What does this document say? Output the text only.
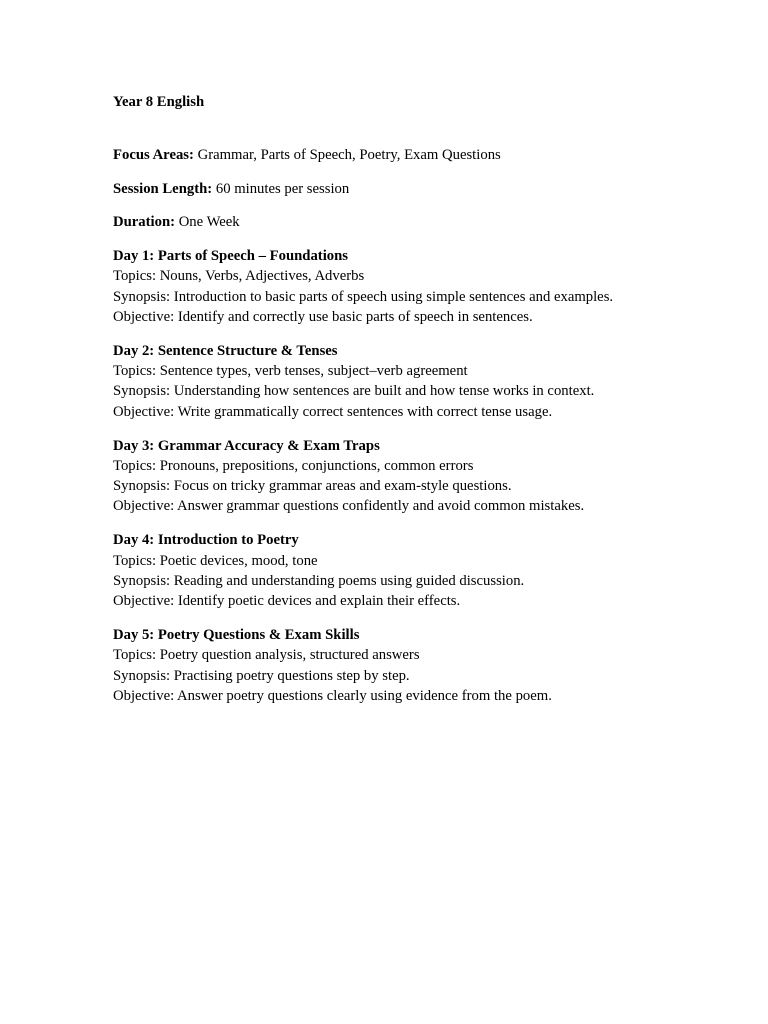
Year 8 English
Focus Areas: Grammar, Parts of Speech, Poetry, Exam Questions
Session Length: 60 minutes per session
Duration: One Week
Day 1: Parts of Speech – Foundations
Topics: Nouns, Verbs, Adjectives, Adverbs
Synopsis: Introduction to basic parts of speech using simple sentences and examples.
Objective: Identify and correctly use basic parts of speech in sentences.
Day 2: Sentence Structure & Tenses
Topics: Sentence types, verb tenses, subject–verb agreement
Synopsis: Understanding how sentences are built and how tense works in context.
Objective: Write grammatically correct sentences with correct tense usage.
Day 3: Grammar Accuracy & Exam Traps
Topics: Pronouns, prepositions, conjunctions, common errors
Synopsis: Focus on tricky grammar areas and exam-style questions.
Objective: Answer grammar questions confidently and avoid common mistakes.
Day 4: Introduction to Poetry
Topics: Poetic devices, mood, tone
Synopsis: Reading and understanding poems using guided discussion.
Objective: Identify poetic devices and explain their effects.
Day 5: Poetry Questions & Exam Skills
Topics: Poetry question analysis, structured answers
Synopsis: Practising poetry questions step by step.
Objective: Answer poetry questions clearly using evidence from the poem.
